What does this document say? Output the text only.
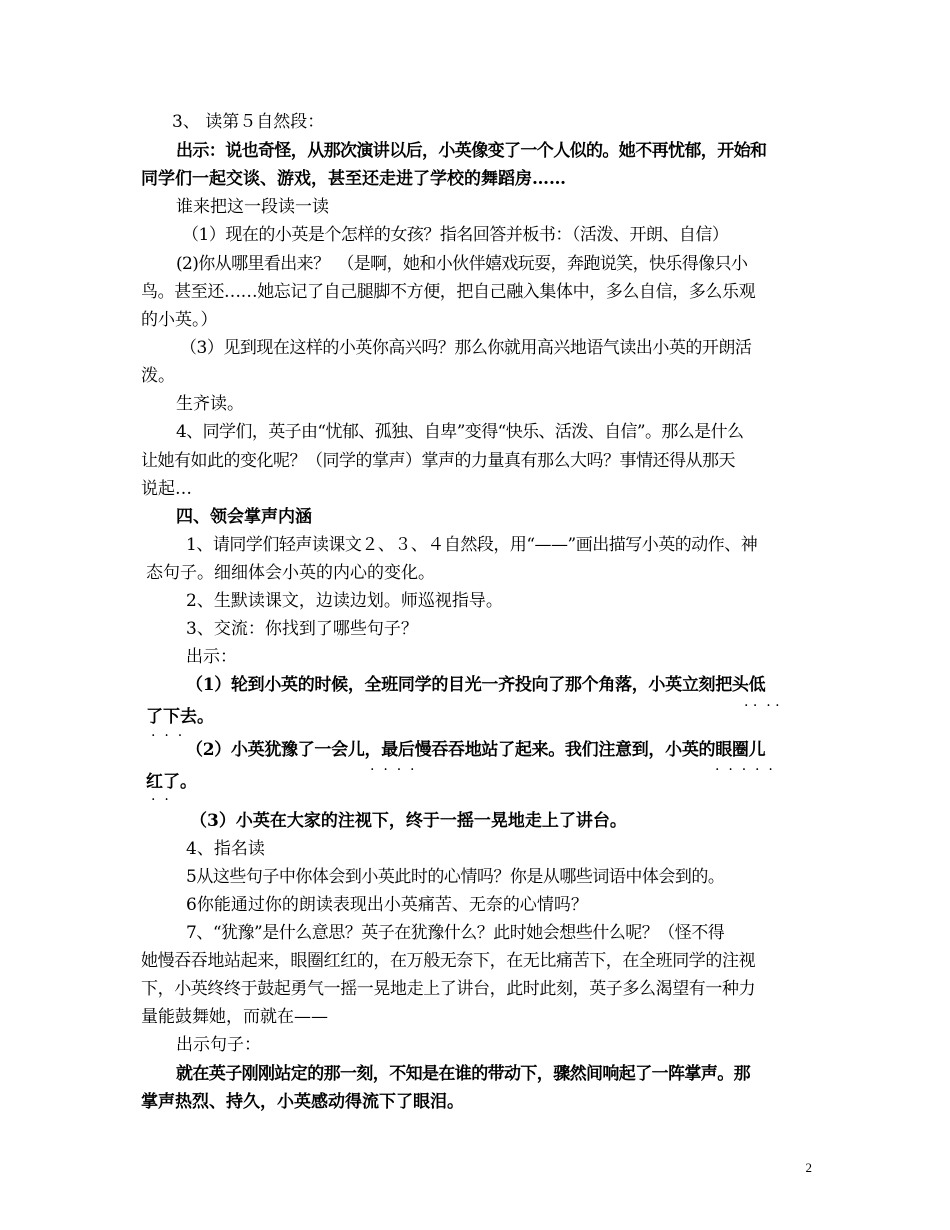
3、 读第５自然段：
出示：说也奇怪，从那次演讲以后，小英像变了一个人似的。她不再忧郁，开始和
同学们一起交谈、游戏，甚至还走进了学校的舞蹈房……
谁来把这一段读一读
（1）现在的小英是个怎样的女孩？指名回答并板书：（活泼、开朗、自信）
(2)你从哪里看出来？　（是啊，她和小伙伴嬉戏玩耍，奔跑说笑，快乐得像只小
鸟。甚至还……她忘记了自己腿脚不方便，把自己融入集体中，多么自信，多么乐观
的小英。）
（3）见到现在这样的小英你高兴吗？那么你就用高兴地语气读出小英的开朗活
泼。
生齐读。
4、同学们，英子由“忧郁、孤独、自卑”变得“快乐、活泼、自信”。那么是什么
让她有如此的变化呢？（同学的掌声）掌声的力量真有那么大吗？事情还得从那天
说起…
四、领会掌声内涵
1、请同学们轻声读课文２、３、４自然段，用“——”画出描写小英的动作、神
态句子。细细体会小英的内心的变化。
2、生默读课文，边读边划。师巡视指导。
3、交流：你找到了哪些句子？
出示：
（1）轮到小英的时候，全班同学的目光一齐投向了那个角落，小英立刻把头低
. .  . .
了下去。
.  .  .
（2）小英犹豫了一会儿，最后慢吞吞地站了起来。我们注意到，小英的眼圈儿
.  .  .  .	.  .  .  .  .
红了。
.  .
（3）小英在大家的注视下，终于一摇一晃地走上了讲台。
4、指名读
5从这些句子中你体会到小英此时的心情吗？你是从哪些词语中体会到的。
6你能通过你的朗读表现出小英痛苦、无奈的心情吗？
7、“犹豫”是什么意思？英子在犹豫什么？此时她会想些什么呢？（怪不得
她慢吞吞地站起来，眼圈红红的，在万般无奈下，在无比痛苦下，在全班同学的注视
下，小英终终于鼓起勇气一摇一晃地走上了讲台，此时此刻，英子多么渴望有一种力
量能鼓舞她，而就在——
出示句子：
就在英子刚刚站定的那一刻，不知是在谁的带动下，骤然间响起了一阵掌声。那
掌声热烈、持久，小英感动得流下了眼泪。
2
